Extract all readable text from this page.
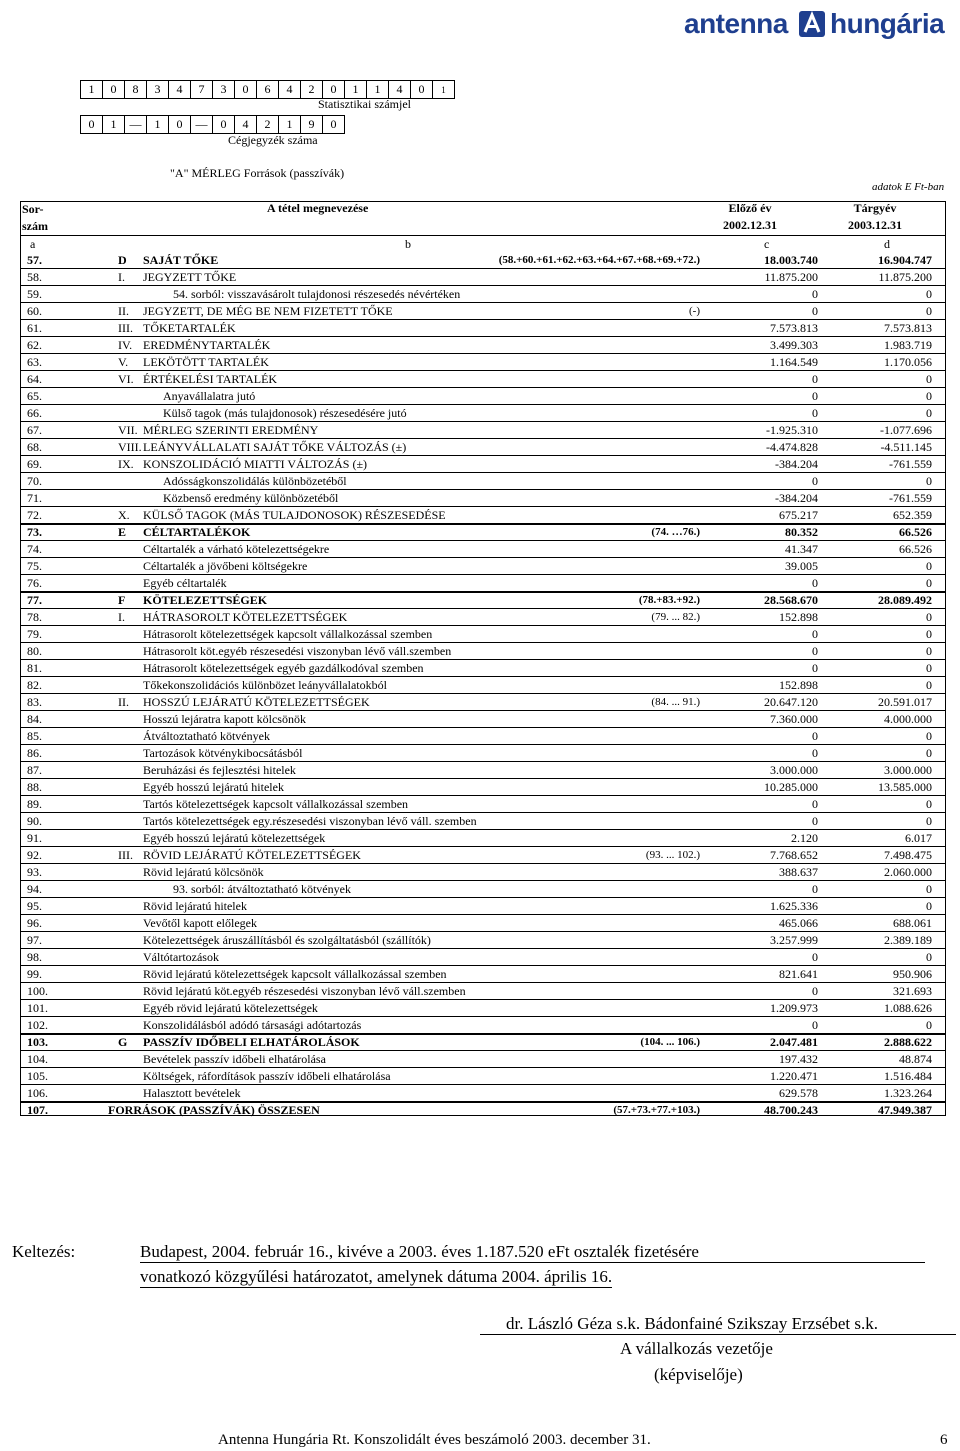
antenna hungária
1	0	8	3	4	7	3	0	6	4	2	0	1	1	4	0	1
Statisztikai számjel
0	1	—	1	0	—	0	4	2	1	9	0
Cégjegyzék száma
"A" MÉRLEG Források (passzívák)
adatok E Ft-ban
Sor-
szám
A tétel megnevezése	Előző év
2002.12.31
Tárgyév
2003.12.31
a	b	c	d
57.	D SAJÁT TŐKE	(58.+60.+61.+62.+63.+64.+67.+68.+69.+72.)	18.003.740	16.904.747
58.	I. JEGYZETT TŐKE	11.875.200	11.875.200
59.	54. sorból: visszavásárolt tulajdonosi részesedés névértéken	0	0
60.	II. JEGYZETT, DE MÉG BE NEM FIZETETT TŐKE	(-)	0	0
61.	III. TŐKETARTALÉK	7.573.813	7.573.813
62.	IV. EREDMÉNYTARTALÉK	3.499.303	1.983.719
63.	V. LEKÖTÖTT TARTALÉK	1.164.549	1.170.056
64.	VI. ÉRTÉKELÉSI TARTALÉK	0	0
65.	Anyavállalatra jutó	0	0
66.	Külső tagok (más tulajdonosok) részesedésére jutó	0	0
67.	VII. MÉRLEG SZERINTI EREDMÉNY	-1.925.310	-1.077.696
68.	VIII. LEÁNYVÁLLALATI SAJÁT TŐKE VÁLTOZÁS (±)	-4.474.828	-4.511.145
69.	IX. KONSZOLIDÁCIÓ MIATTI VÁLTOZÁS (±)	-384.204	-761.559
70.	Adósságkonszolidálás különbözetéből	0	0
71.	Közbenső eredmény különbözetéből	-384.204	-761.559
72.	X. KÜLSŐ TAGOK (MÁS TULAJDONOSOK) RÉSZESEDÉSE	675.217	652.359
73.	E CÉLTARTALÉKOK	(74. …76.)	80.352	66.526
74.	Céltartalék a várható kötelezettségekre	41.347	66.526
75.	Céltartalék a jövőbeni költségekre	39.005	0
76.	Egyéb céltartalék	0	0
77.	F KÖTELEZETTSÉGEK	(78.+83.+92.)	28.568.670	28.089.492
78.	I. HÁTRASOROLT KÖTELEZETTSÉGEK	(79. ... 82.)	152.898	0
79.	Hátrasorolt kötelezettségek kapcsolt vállalkozással szemben	0	0
80.	Hátrasorolt köt.egyéb részesedési viszonyban lévő váll.szemben	0	0
81.	Hátrasorolt kötelezettségek egyéb gazdálkodóval szemben	0	0
82.	Tőkekonszolidációs különbözet leányvállalatokból	152.898	0
83.	II. HOSSZÚ LEJÁRATÚ KÖTELEZETTSÉGEK	(84. ... 91.)	20.647.120	20.591.017
84.	Hosszú lejáratra kapott kölcsönök	7.360.000	4.000.000
85.	Átváltoztatható kötvények	0	0
86.	Tartozások kötvénykibocsátásból	0	0
87.	Beruházási és fejlesztési hitelek	3.000.000	3.000.000
88.	Egyéb hosszú lejáratú hitelek	10.285.000	13.585.000
89.	Tartós kötelezettségek kapcsolt vállalkozással szemben	0	0
90.	Tartós kötelezettségek egy.részesedési viszonyban lévő váll. szemben	0	0
91.	Egyéb hosszú lejáratú kötelezettségek	2.120	6.017
92.	III. RÖVID LEJÁRATÚ KÖTELEZETTSÉGEK	(93. ... 102.)	7.768.652	7.498.475
93.	Rövid lejáratú kölcsönök	388.637	2.060.000
94.	93. sorból: átváltoztatható kötvények	0	0
95.	Rövid lejáratú hitelek	1.625.336	0
96.	Vevőtől kapott előlegek	465.066	688.061
97.	Kötelezettségek áruszállításból és szolgáltatásból (szállítók)	3.257.999	2.389.189
98.	Váltótartozások	0	0
99.	Rövid lejáratú kötelezettségek kapcsolt vállalkozással szemben	821.641	950.906
100.	Rövid lejáratú köt.egyéb részesedési viszonyban lévő váll.szemben	0	321.693
101.	Egyéb rövid lejáratú kötelezettségek	1.209.973	1.088.626
102.	Konszolidálásból adódó társasági adótartozás	0	0
103.	G PASSZÍV IDŐBELI ELHATÁROLÁSOK	(104. ... 106.)	2.047.481	2.888.622
104.	Bevételek passzív időbeli elhatárolása	197.432	48.874
105.	Költségek, ráfordítások passzív időbeli elhatárolása	1.220.471	1.516.484
106.	Halasztott bevételek	629.578	1.323.264
107.	FORRÁSOK (PASSZÍVÁK) ÖSSZESEN	(57.+73.+77.+103.)	48.700.243	47.949.387
Keltezés:	Budapest, 2004. február 16., kivéve a 2003. éves 1.187.520 eFt osztalék fizetésére
vonatkozó közgyűlési határozatot, amelynek dátuma 2004. április 16.
dr. László Géza s.k. Bádonfainé Szikszay Erzsébet s.k.
A vállalkozás vezetője
(képviselője)
Antenna Hungária Rt. Konszolidált éves beszámoló 2003. december 31.	6
